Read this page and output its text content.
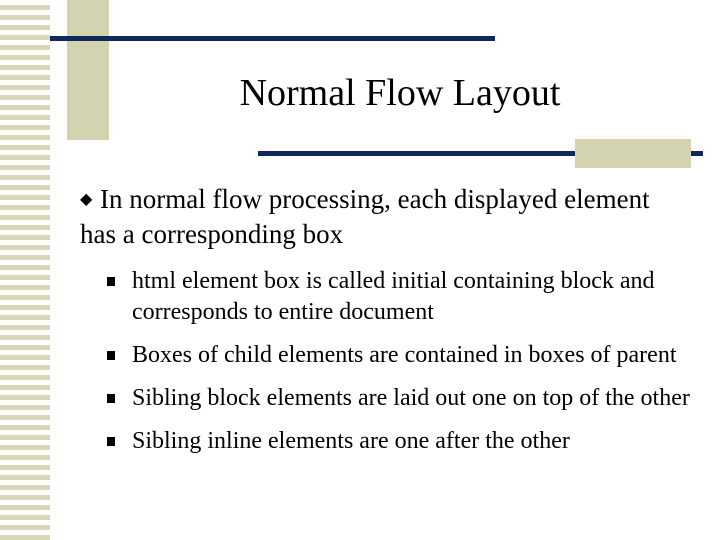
Normal Flow Layout
◆ In normal flow processing, each displayed element has a corresponding box
html element box is called initial containing block and corresponds to entire document
Boxes of child elements are contained in boxes of parent
Sibling block elements are laid out one on top of the other
Sibling inline elements are one after the other
